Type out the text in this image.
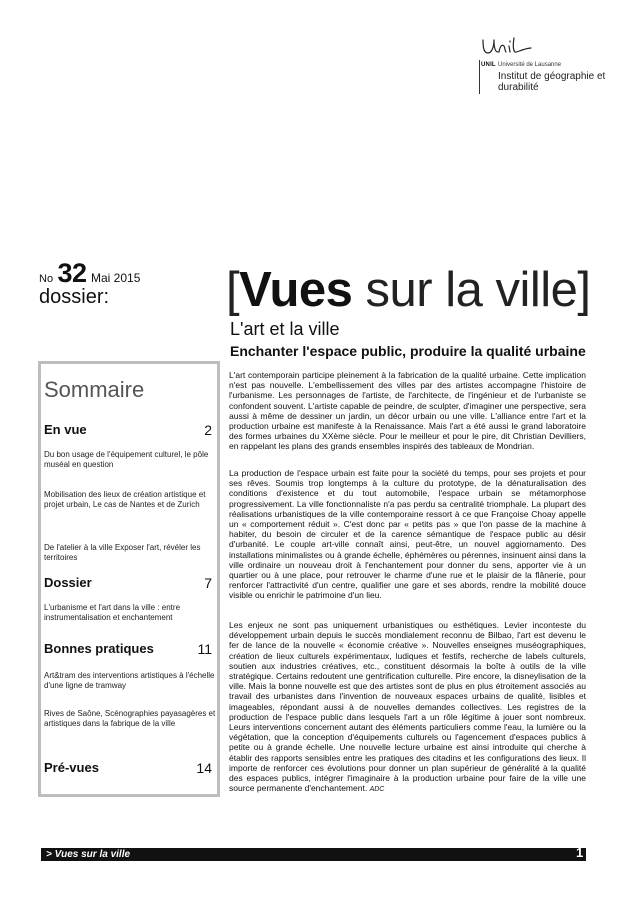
UNIL Université de Lausanne
Institut de géographie et durabilité
No 32 Mai 2015
dossier: [Vues sur la ville]
L'art et la ville
Enchanter l'espace public, produire la qualité urbaine
Sommaire
En vue	2
Du bon usage de l'équipement culturel, le pôle muséal en question
Mobilisation des lieux de création artistique et projet urbain, Le cas de Nantes et de Zurich
De l'atelier à la ville Exposer l'art, révéler les territoires
Dossier	7
L'urbanisme et l'art dans la ville : entre instrumentalisation et enchantement
Bonnes pratiques	11
Art&tram des interventions artistiques à l'échelle d'une ligne de tramway
Rives de Saône, Scénographies payasagères et artistiques dans la fabrique de la ville
Pré-vues	14
L'art contemporain participe pleinement à la fabrication de la qualité urbaine. Cette implication n'est pas nouvelle. L'embellissement des villes par des artistes accompagne l'histoire de l'urbanisme. Les personnages de l'artiste, de l'architecte, de l'ingénieur et de l'urbaniste se confondent souvent. L'artiste capable de peindre, de sculpter, d'imaginer une perspective, sera aussi à même de dessiner un jardin, un décor urbain ou une ville. L'alliance entre l'art et la production urbaine est manifeste à la Renaissance. Mais l'art a été aussi le grand laboratoire des formes urbaines du XXème siècle. Pour le meilleur et pour le pire, dit Christian Devilliers, en rappelant les plans des grands ensembles inspirés des tableaux de Mondrian.
La production de l'espace urbain est faite pour la société du temps, pour ses projets et pour ses rêves. Soumis trop longtemps à la culture du prototype, de la dénaturalisation des conditions d'existence et du tout automobile, l'espace urbain se métamorphose progressivement. La ville fonctionnaliste n'a pas perdu sa centralité triomphale. La plupart des réalisations urbanistiques de la ville contemporaine ressort à ce que Françoise Choay appelle un « comportement réduit ». C'est donc par « petits pas » que l'on passe de la machine à habiter, du besoin de circuler et de la carence sémantique de l'espace public au désir d'urbanité. Le couple art-ville connaît ainsi, peut-être, un nouvel aggiornamento. Des installations minimalistes ou à grande échelle, éphémères ou pérennes, insinuent ainsi dans la ville ordinaire un nouveau droit à l'enchantement pour donner du sens, apporter vie à un quartier ou à une place, pour retrouver le charme d'une rue et le plaisir de la flânerie, pour renforcer l'attractivité d'un centre, qualifier une gare et ses abords, rendre la mobilité douce visible ou enrichir le patrimoine d'un lieu.
Les enjeux ne sont pas uniquement urbanistiques ou esthétiques. Levier inconteste du développement urbain depuis le succès mondialement reconnu de Bilbao, l'art est devenu le fer de lance de la nouvelle « économie créative ». Nouvelles enseignes muséographiques, création de lieux culturels expérimentaux, ludiques et festifs, recherche de labels culturels, soutien aux industries créatives, etc., constituent désormais la boîte à outils de la ville stratégique. Certains redoutent une gentrification culturelle. Pire encore, la disneylisation de la ville. Mais la bonne nouvelle est que des artistes sont de plus en plus étroitement associés au travail des urbanistes dans l'invention de nouveaux espaces urbains de qualité, lisibles et imageables, répondant aussi à de nouvelles demandes collectives. Les registres de la production de l'espace public dans lesquels l'art a un rôle légitime à jouer sont nombreux. Leurs interventions concernent autant des éléments particuliers comme l'eau, la lumière ou la végétation, que la conception d'équipements culturels ou l'agencement d'espaces publics à petite ou à grande échelle. Une nouvelle lecture urbaine est ainsi introduite qui cherche à établir des rapports sensibles entre les pratiques des citadins et les configurations des lieux. Il importe de renforcer ces évolutions pour donner un plan supérieur de généralité à la qualité des espaces publics, intégrer l'imaginaire à la production urbaine pour faire de la ville une source permanente d'enchantement. ADC
> Vues sur la ville	1
